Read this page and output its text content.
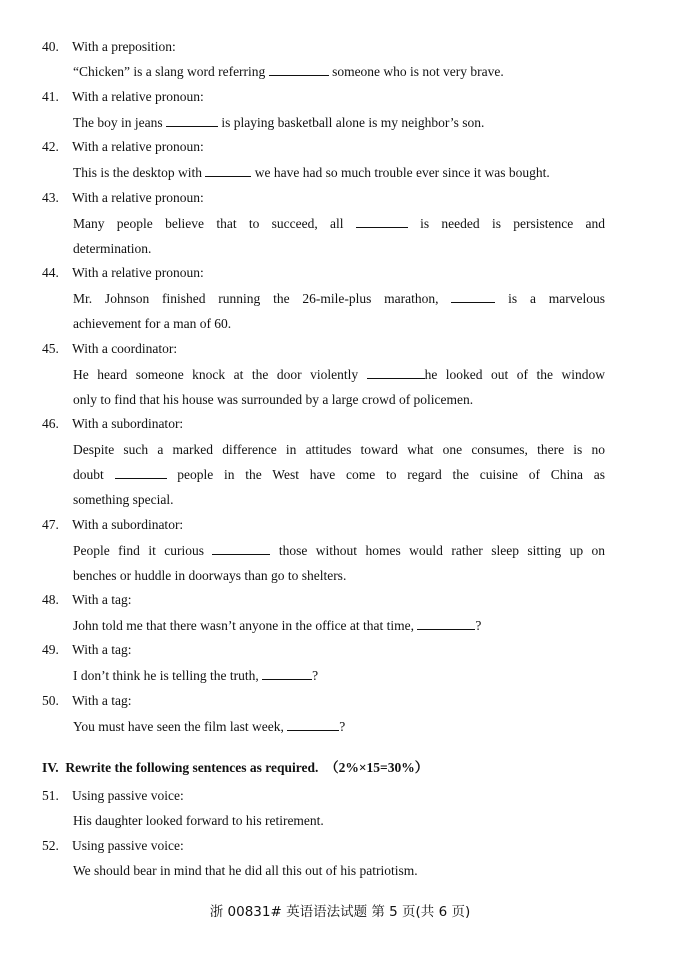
40. With a preposition:
“Chicken” is a slang word referring	someone who is not very brave.
41. With a relative pronoun:
The boy in jeans	is playing basketball alone is my neighbor’s son.
42. With a relative pronoun:
This is the desktop with	we have had so much trouble ever since it was bought.
43. With a relative pronoun:
Many people believe that to succeed, all	is needed is persistence and
determination.
44. With a relative pronoun:
Mr. Johnson finished running the 26-mile-plus marathon,	is a marvelous
achievement for a man of 60.
45. With a coordinator:
He heard someone knock at the door violently	he looked out of the window
only to find that his house was surrounded by a large crowd of policemen.
46. With a subordinator:
Despite such a marked difference in attitudes toward what one consumes, there is no
doubt	people in the West have come to regard the cuisine of China as
something special.
47. With a subordinator:
People find it curious	those without homes would rather sleep sitting up on
benches or huddle in doorways than go to shelters.
48. With a tag:
John told me that there wasn’t anyone in the office at that time,	?
49. With a tag:
I don’t think he is telling the truth,	?
50. With a tag:
You must have seen the film last week,	?
IV. Rewrite the following sentences as required. （2%×15=30%）
51. Using passive voice:
His daughter looked forward to his retirement.
52. Using passive voice:
We should bear in mind that he did all this out of his patriotism.
浙 00831# 英语语法试题 第 5 页(共 6 页)
